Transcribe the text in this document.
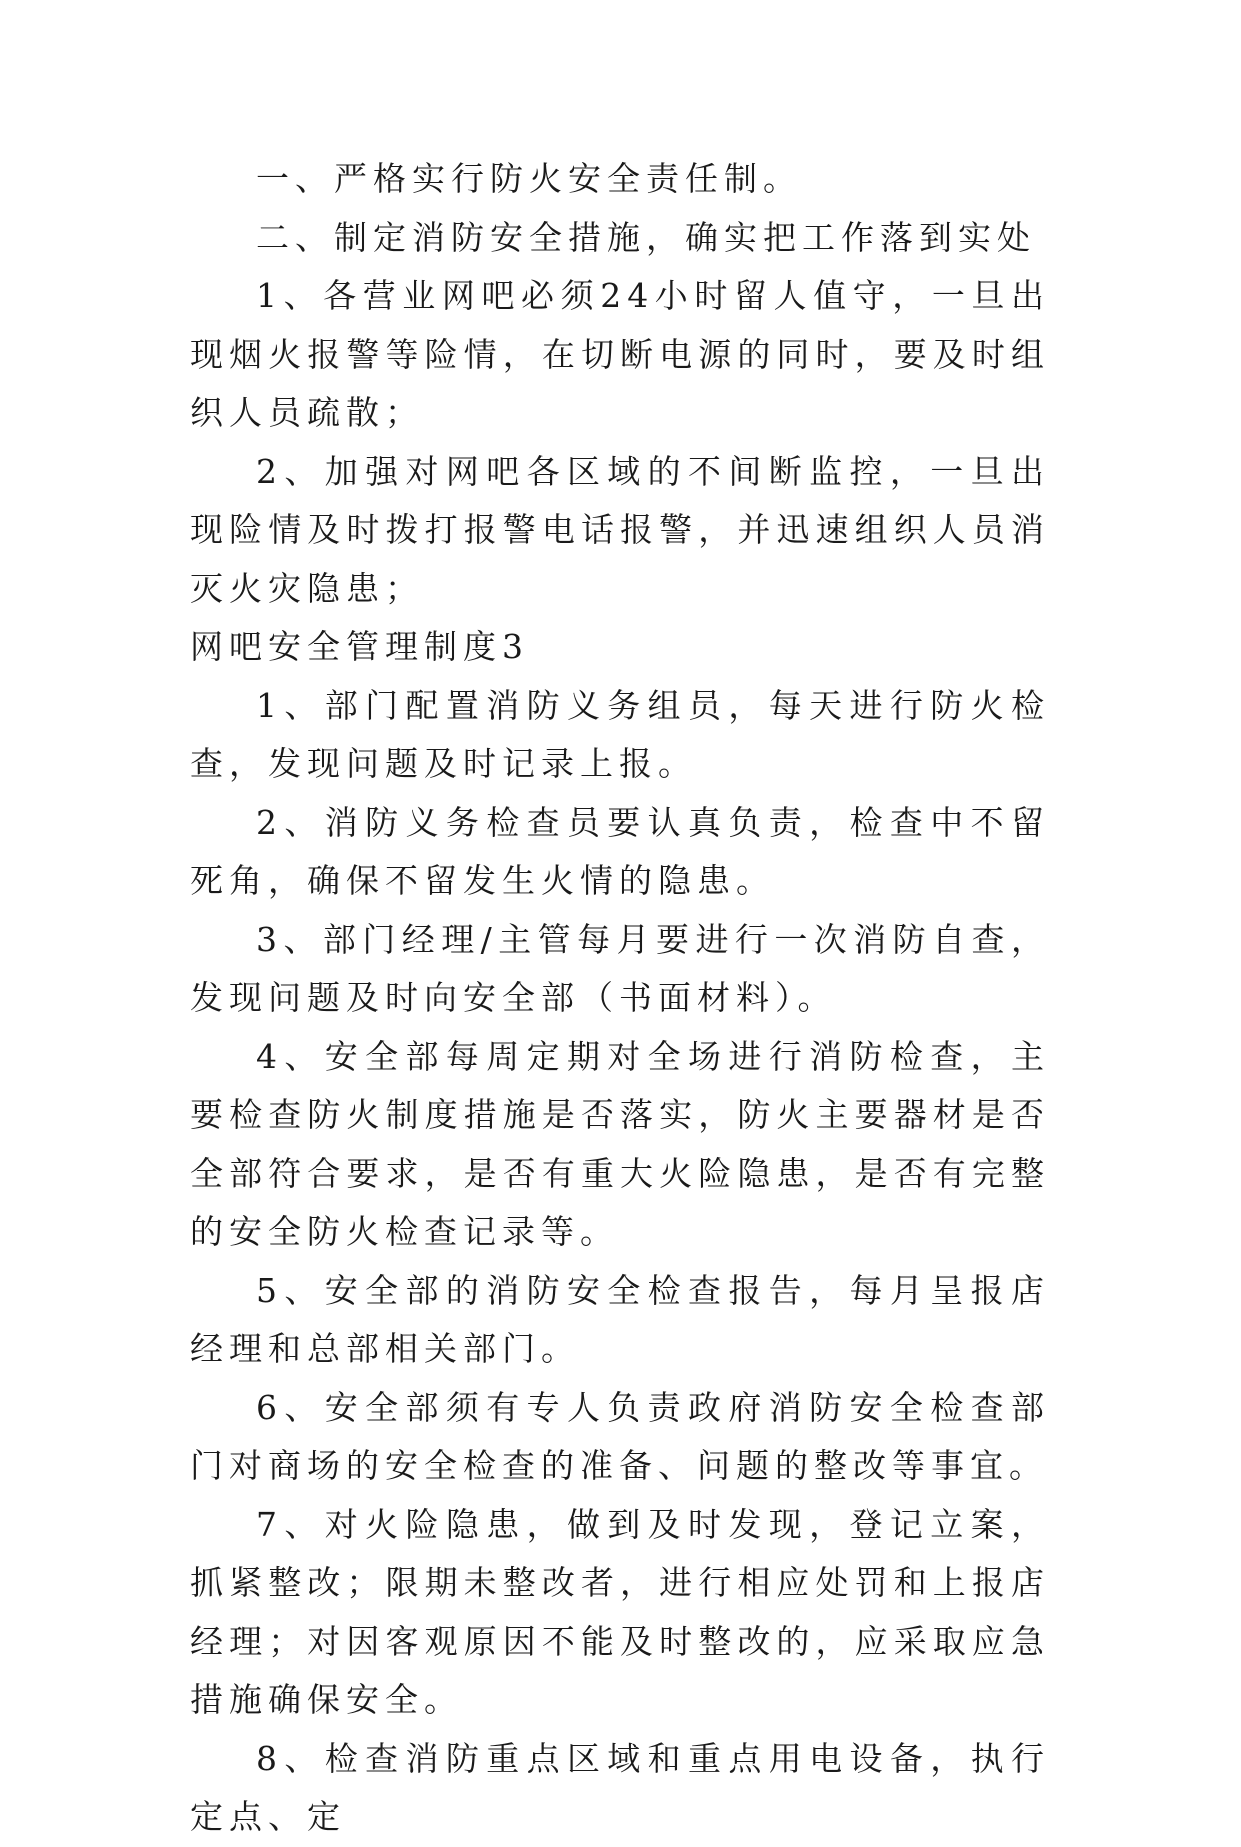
一、严格实行防火安全责任制。

二、制定消防安全措施，确实把工作落到实处

1、各营业网吧必须24小时留人值守，一旦出现烟火报警等险情，在切断电源的同时，要及时组织人员疏散；

2、加强对网吧各区域的不间断监控，一旦出现险情及时拨打报警电话报警，并迅速组织人员消灭火灾隐患；

网吧安全管理制度3

1、部门配置消防义务组员，每天进行防火检查，发现问题及时记录上报。

2、消防义务检查员要认真负责，检查中不留死角，确保不留发生火情的隐患。

3、部门经理/主管每月要进行一次消防自查，发现问题及时向安全部（书面材料）。

4、安全部每周定期对全场进行消防检查，主要检查防火制度措施是否落实，防火主要器材是否全部符合要求，是否有重大火险隐患，是否有完整的安全防火检查记录等。

5、安全部的消防安全检查报告，每月呈报店经理和总部相关部门。

6、安全部须有专人负责政府消防安全检查部门对商场的安全检查的准备、问题的整改等事宜。

7、对火险隐患，做到及时发现，登记立案，抓紧整改；限期未整改者，进行相应处罚和上报店经理；对因客观原因不能及时整改的，应采取应急措施确保安全。

8、检查消防重点区域和重点用电设备，执行定点、定
